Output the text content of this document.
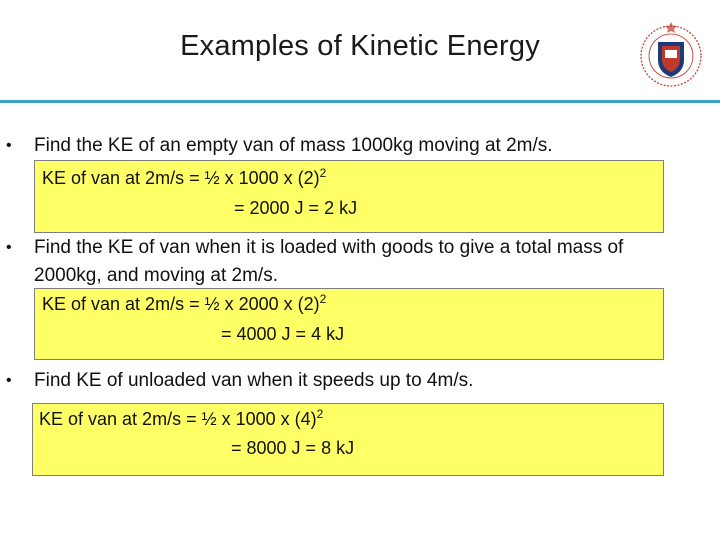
Examples of Kinetic Energy
• Find the KE of an empty van of mass 1000kg moving at 2m/s.
KE of van at 2m/s = ½ x 1000 x $(2)^2$
= 2000 J = 2 kJ
• Find the KE of van when it is loaded with goods to give a total mass of
2000kg, and moving at 2m/s.
KE of van at 2m/s = ½ x 2000 x $(2)^2$
= 4000 J = 4 kJ
• Find KE of unloaded van when it speeds up to 4m/s.
KE of van at 2m/s = ½ x 1000 x $(4)^2$
= 8000 J = 8 kJ
